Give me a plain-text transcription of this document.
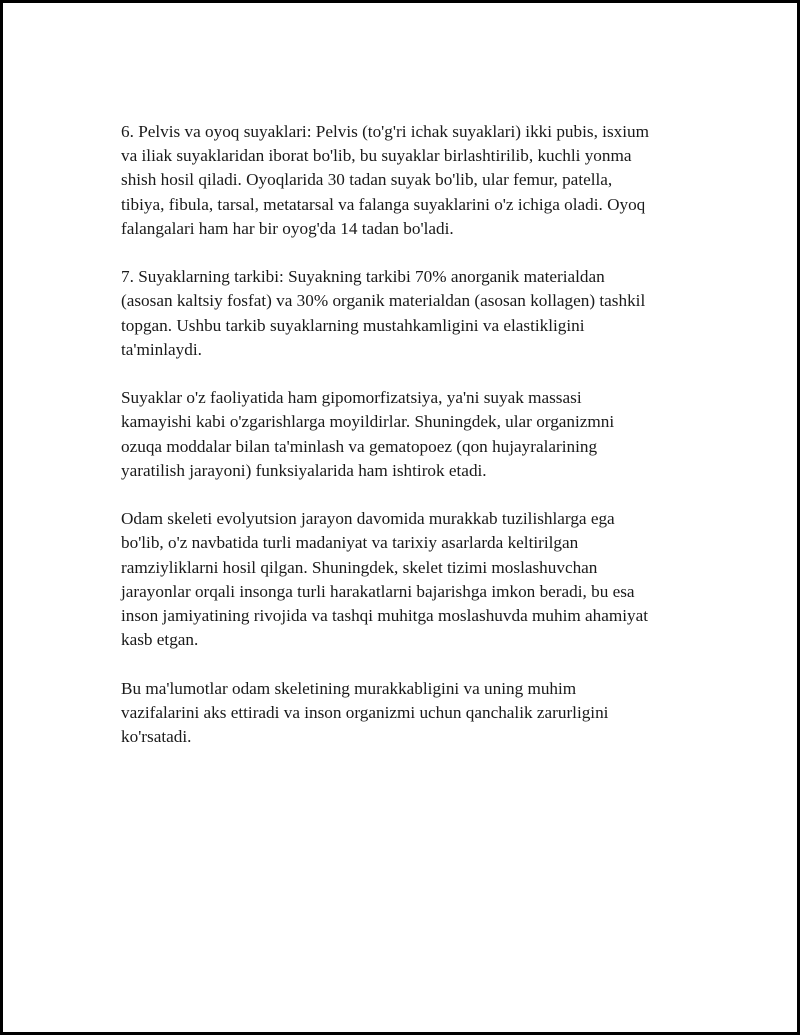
6. Pelvis va oyoq suyaklari: Pelvis (to'g'ri ichak suyaklari) ikki pubis, isxium
va iliak suyaklaridan iborat bo'lib, bu suyaklar birlashtirilib, kuchli yonma
shish hosil qiladi. Oyoqlarida 30 tadan suyak bo'lib, ular femur, patella,
tibiya, fibula, tarsal, metatarsal va falanga suyaklarini o'z ichiga oladi. Oyoq
falangalari ham har bir oyog'da 14 tadan bo'ladi.

7. Suyaklarning tarkibi: Suyakning tarkibi 70% anorganik materialdan
(asosan kaltsiy fosfat) va 30% organik materialdan (asosan kollagen) tashkil
topgan. Ushbu tarkib suyaklarning mustahkamligini va elastikligini
ta'minlaydi.

Suyaklar o'z faoliyatida ham gipomorfizatsiya, ya'ni suyak massasi
kamayishi kabi o'zgarishlarga moyildirlar. Shuningdek, ular organizmni
ozuqa moddalar bilan ta'minlash va gematopoez (qon hujayralarining
yaratilish jarayoni) funksiyalarida ham ishtirok etadi.

Odam skeleti evolyutsion jarayon davomida murakkab tuzilishlarga ega
bo'lib, o'z navbatida turli madaniyat va tarixiy asarlarda keltirilgan
ramziyliklarni hosil qilgan. Shuningdek, skelet tizimi moslashuvchan
jarayonlar orqali insonga turli harakatlarni bajarishga imkon beradi, bu esa
inson jamiyatining rivojida va tashqi muhitga moslashuvda muhim ahamiyat
kasb etgan.

Bu ma'lumotlar odam skeletining murakkabligini va uning muhim
vazifalarini aks ettiradi va inson organizmi uchun qanchalik zarurligini
ko'rsatadi.
